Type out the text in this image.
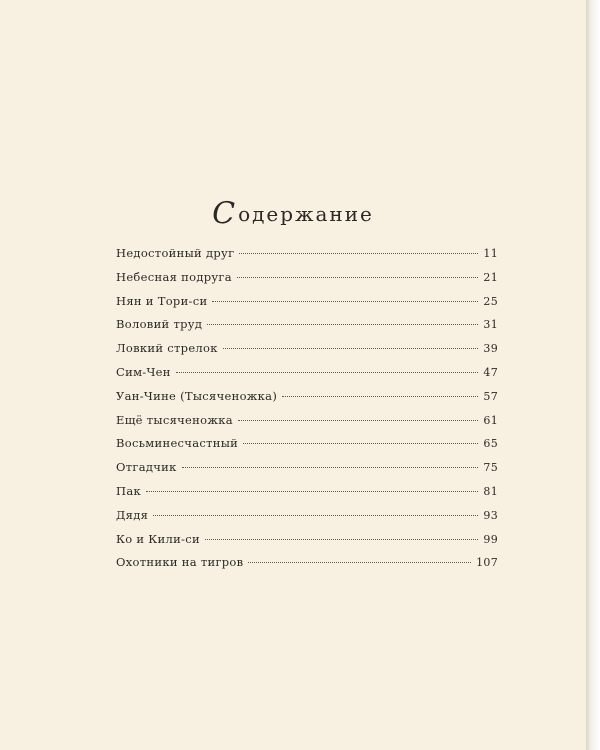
Содержание
Недостойный друг	11
Небесная подруга	21
Нян и Тори-си	25
Воловий труд	31
Ловкий стрелок	39
Сим-Чен	47
Уан-Чине (Тысяченожка)	57
Ещё тысяченожка	61
Восьминесчастный	65
Отгадчик	75
Пак	81
Дядя	93
Ко и Кили-си	99
Охотники на тигров	107
